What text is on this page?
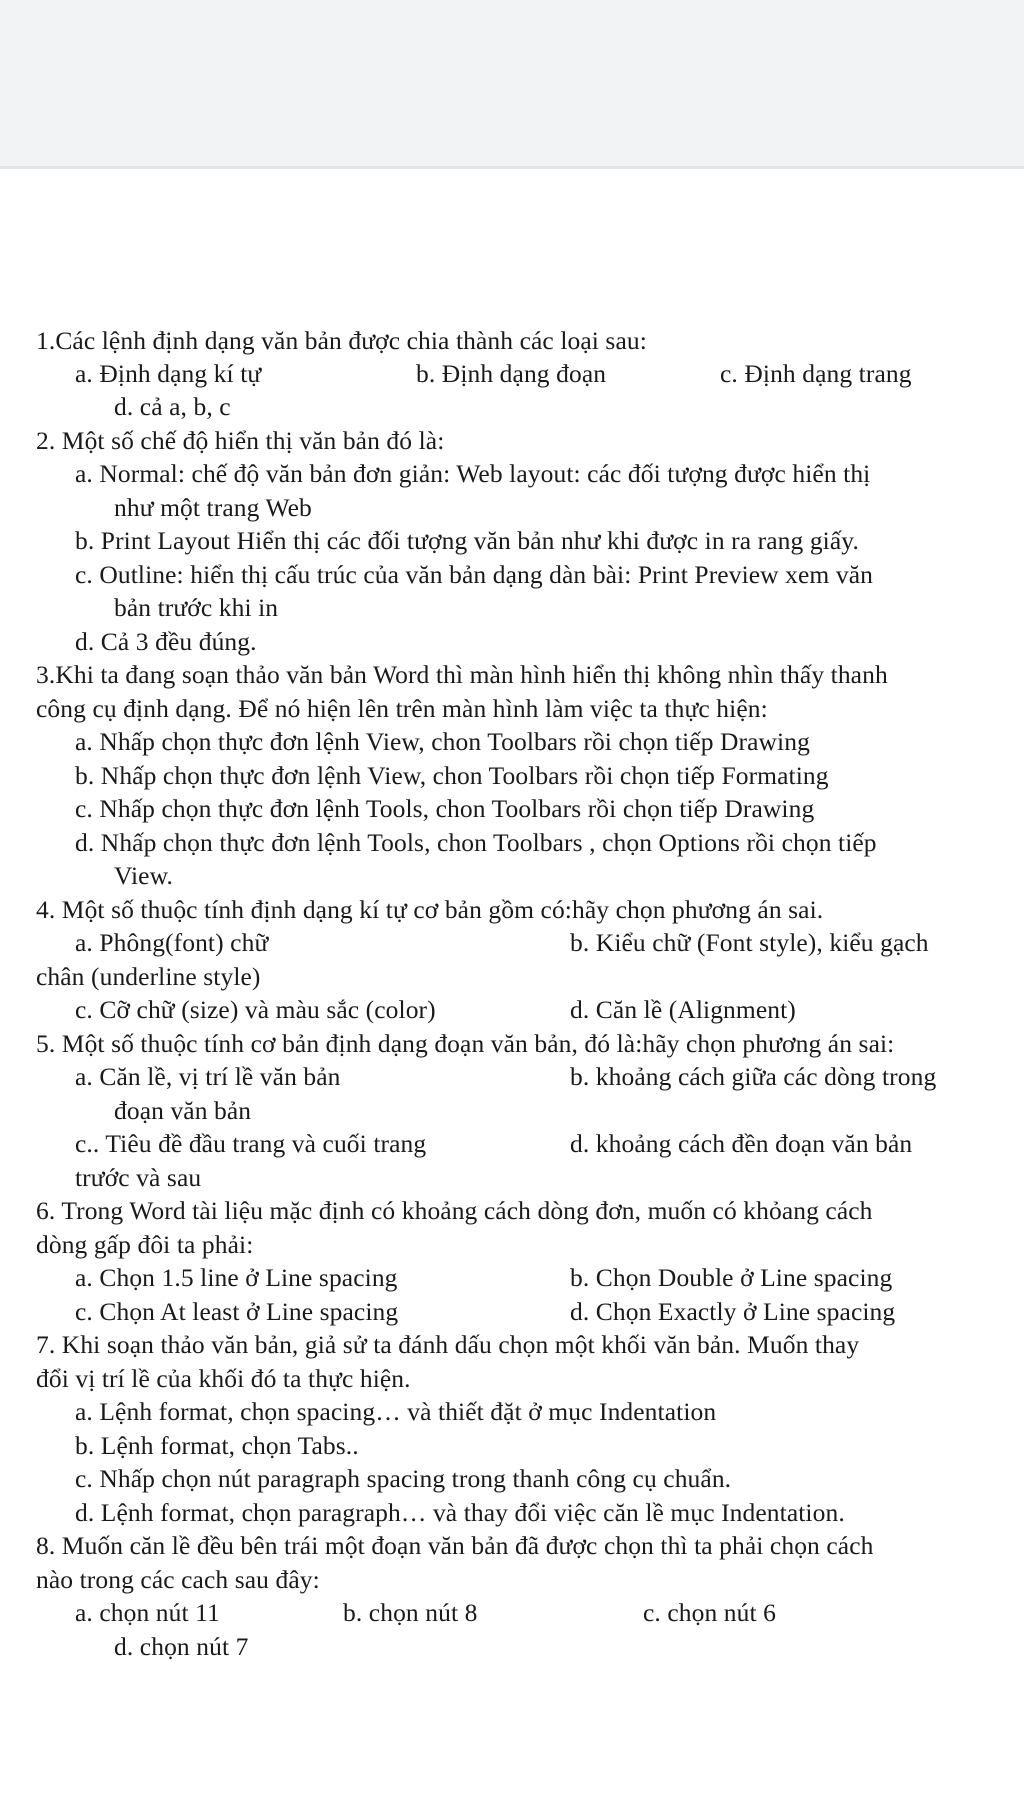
1.Các lệnh định dạng văn bản được chia thành các loại sau:
a. Định dạng kí tự	b. Định dạng đoạn	c. Định dạng trang
d. cả a, b, c
2. Một số chế độ hiển thị văn bản đó là:
a. Normal: chế độ văn bản đơn giản: Web layout: các đối tượng được hiển thị
như một trang Web
b. Print Layout Hiển thị các đối tượng văn bản như khi được in ra rang giấy.
c. Outline: hiển thị cấu trúc của văn bản dạng dàn bài: Print Preview xem văn
bản trước khi in
d. Cả 3 đều đúng.
3.Khi ta đang soạn thảo văn bản Word thì màn hình hiển thị không nhìn thấy thanh
công cụ định dạng. Để nó hiện lên trên màn hình làm việc ta thực hiện:
a. Nhấp chọn thực đơn lệnh View, chon Toolbars rồi chọn tiếp Drawing
b. Nhấp chọn thực đơn lệnh View, chon Toolbars rồi chọn tiếp Formating
c. Nhấp chọn thực đơn lệnh Tools, chon Toolbars rồi chọn tiếp Drawing
d. Nhấp chọn thực đơn lệnh Tools, chon Toolbars , chọn Options rồi chọn tiếp
View.
4. Một số thuộc tính định dạng kí tự cơ bản gồm có:hãy chọn phương án sai.
a. Phông(font) chữ	b. Kiểu chữ (Font style), kiểu gạch
chân (underline style)
c. Cỡ chữ (size) và màu sắc (color)	d. Căn lề (Alignment)
5. Một số thuộc tính cơ bản định dạng đoạn văn bản, đó là:hãy chọn phương án sai:
a. Căn lề, vị trí lề văn bản	b. khoảng cách giữa các dòng trong
đoạn văn bản
c.. Tiêu đề đầu trang và cuối trang	d. khoảng cách đền đoạn văn bản
trước và sau
6. Trong Word tài liệu mặc định có khoảng cách dòng đơn, muốn có khỏang cách
dòng gấp đôi ta phải:
a. Chọn 1.5 line ở Line spacing	b. Chọn Double ở Line spacing
c. Chọn At least ở Line spacing	d. Chọn Exactly ở Line spacing
7. Khi soạn thảo văn bản, giả sử ta đánh dấu chọn một khối văn bản. Muốn thay
đổi vị trí lề của khối đó ta thực hiện.
a. Lệnh format, chọn spacing… và thiết đặt ở mục Indentation
b. Lệnh format, chọn Tabs..
c. Nhấp chọn nút paragraph spacing trong thanh công cụ chuẩn.
d. Lệnh format, chọn paragraph… và thay đổi việc căn lề mục Indentation.
8. Muốn căn lề đều bên trái một đoạn văn bản đã được chọn thì ta phải chọn cách
nào trong các cach sau đây:
a. chọn nút 11	b. chọn nút 8	c. chọn nút 6
d. chọn nút 7
